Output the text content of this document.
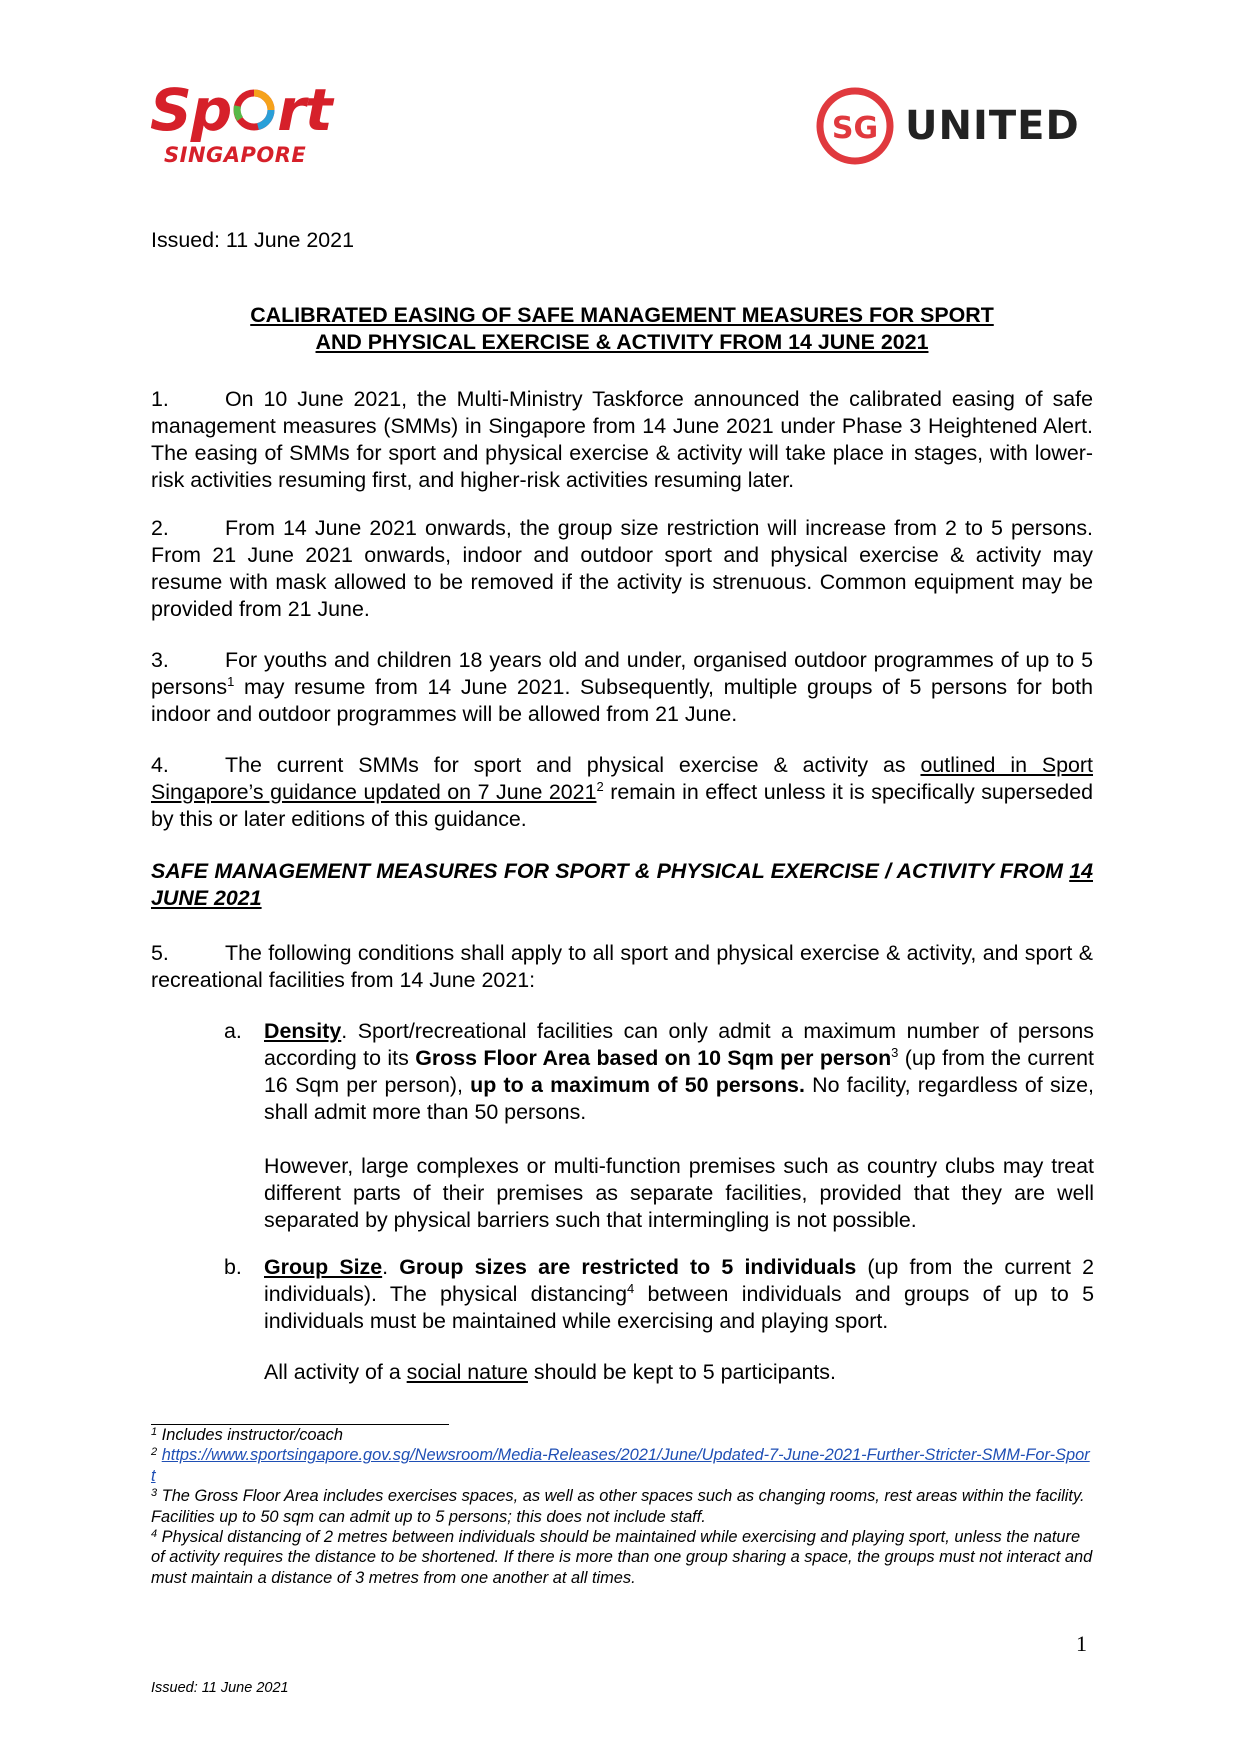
Sp rt
SINGAPORE
SG UNITED
Issued: 11 June 2021
CALIBRATED EASING OF SAFE MANAGEMENT MEASURES FOR SPORT
AND PHYSICAL EXERCISE & ACTIVITY FROM 14 JUNE 2021
1.	On 10 June 2021, the Multi-Ministry Taskforce announced the calibrated easing of safe management measures (SMMs) in Singapore from 14 June 2021 under Phase 3 Heightened Alert. The easing of SMMs for sport and physical exercise & activity will take place in stages, with lower-risk activities resuming first, and higher-risk activities resuming later.
2.	From 14 June 2021 onwards, the group size restriction will increase from 2 to 5 persons. From 21 June 2021 onwards, indoor and outdoor sport and physical exercise & activity may resume with mask allowed to be removed if the activity is strenuous. Common equipment may be provided from 21 June.
3.	For youths and children 18 years old and under, organised outdoor programmes of up to 5 persons$^1$ may resume from 14 June 2021. Subsequently, multiple groups of 5 persons for both indoor and outdoor programmes will be allowed from 21 June.
4.	The current SMMs for sport and physical exercise & activity as outlined in Sport Singapore’s guidance updated on 7 June 2021$^2$ remain in effect unless it is specifically superseded by this or later editions of this guidance.
SAFE MANAGEMENT MEASURES FOR SPORT & PHYSICAL EXERCISE / ACTIVITY FROM 14 JUNE 2021
5.	The following conditions shall apply to all sport and physical exercise & activity, and sport & recreational facilities from 14 June 2021:
a. Density. Sport/recreational facilities can only admit a maximum number of persons according to its Gross Floor Area based on 10 Sqm per person$^3$ (up from the current 16 Sqm per person), up to a maximum of 50 persons. No facility, regardless of size, shall admit more than 50 persons.
However, large complexes or multi-function premises such as country clubs may treat different parts of their premises as separate facilities, provided that they are well separated by physical barriers such that intermingling is not possible.
b. Group Size. Group sizes are restricted to 5 individuals (up from the current 2 individuals). The physical distancing$^4$ between individuals and groups of up to 5 individuals must be maintained while exercising and playing sport.
All activity of a social nature should be kept to 5 participants.
$^1$ Includes instructor/coach
$^2$ https://www.sportsingapore.gov.sg/Newsroom/Media-Releases/2021/June/Updated-7-June-2021-Further-Stricter-SMM-For-Sport
$^3$ The Gross Floor Area includes exercises spaces, as well as other spaces such as changing rooms, rest areas within the facility. Facilities up to 50 sqm can admit up to 5 persons; this does not include staff.
$^4$ Physical distancing of 2 metres between individuals should be maintained while exercising and playing sport, unless the nature of activity requires the distance to be shortened. If there is more than one group sharing a space, the groups must not interact and must maintain a distance of 3 metres from one another at all times.
1
Issued: 11 June 2021
